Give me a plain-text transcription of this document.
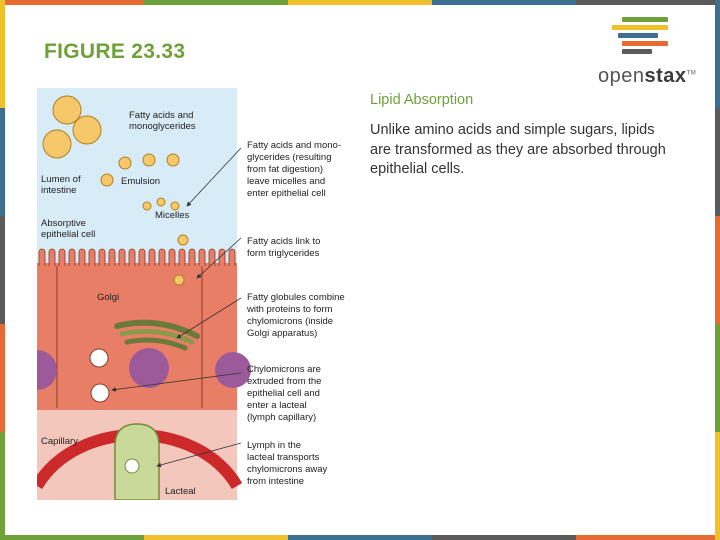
FIGURE 23.33
openstax™
Lipid Absorption
Unlike amino acids and simple sugars, lipids are transformed as they are absorbed through epithelial cells.
Fatty acids and monoglycerides
Emulsion
Micelles
Lumen of intestine
Absorptive epithelial cell
Golgi
Capillary
Lacteal
Fatty acids and mono-glycerides (resulting from fat digestion) leave micelles and enter epithelial cell
Fatty acids link to form triglycerides
Fatty globules combine with proteins to form chylomicrons (inside Golgi apparatus)
Chylomicrons are extruded from the epithelial cell and enter a lacteal (lymph capillary)
Lymph in the lacteal transports chylomicrons away from intestine
